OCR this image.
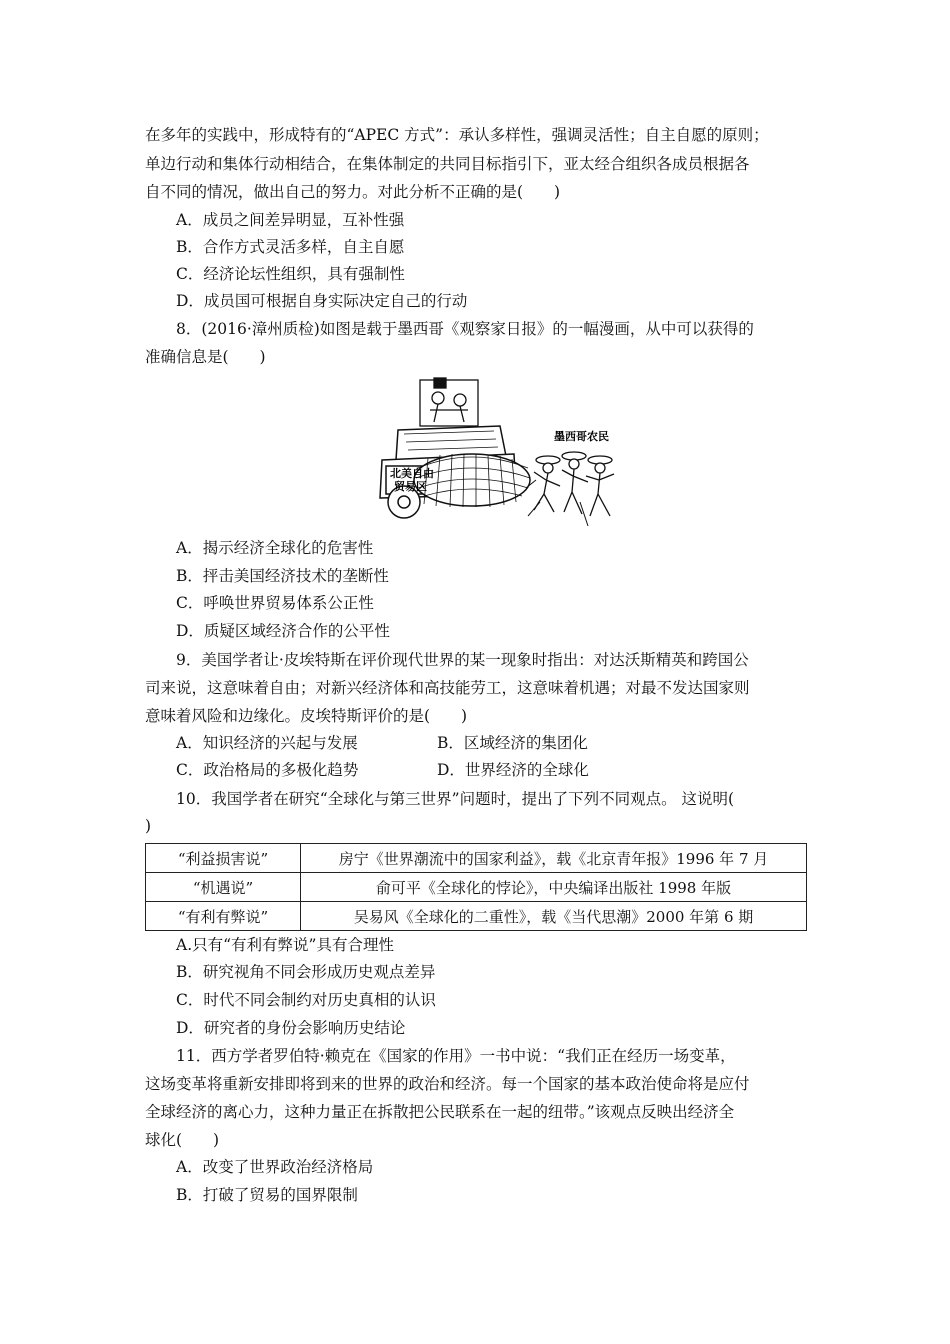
在多年的实践中，形成特有的“APEC 方式”：承认多样性，强调灵活性；自主自愿的原则；
单边行动和集体行动相结合，在集体制定的共同目标指引下，亚太经合组织各成员根据各
自不同的情况，做出自己的努力。对此分析不正确的是(　　)
A．成员之间差异明显，互补性强
B．合作方式灵活多样，自主自愿
C．经济论坛性组织，具有强制性
D．成员国可根据自身实际决定自己的行动
8．(2016·漳州质检)如图是载于墨西哥《观察家日报》的一幅漫画，从中可以获得的
准确信息是(　　)
北美自由
贸易区
墨西哥农民
A．揭示经济全球化的危害性
B．抨击美国经济技术的垄断性
C．呼唤世界贸易体系公正性
D．质疑区域经济合作的公平性
9．美国学者让·皮埃特斯在评价现代世界的某一现象时指出：对达沃斯精英和跨国公
司来说，这意味着自由；对新兴经济体和高技能劳工，这意味着机遇；对最不发达国家则
意味着风险和边缘化。皮埃特斯评价的是(　　)
A．知识经济的兴起与发展	B．区域经济的集团化
C．政治格局的多极化趋势	D．世界经济的全球化
10．我国学者在研究“全球化与第三世界”问题时，提出了下列不同观点。 这说明(
)
“利益损害说”	房宁《世界潮流中的国家利益》，载《北京青年报》1996 年 7 月
“机遇说”	俞可平《全球化的悖论》，中央编译出版社 1998 年版
“有利有弊说”	吴易风《全球化的二重性》，载《当代思潮》2000 年第 6 期
A.只有“有利有弊说”具有合理性
B．研究视角不同会形成历史观点差异
C．时代不同会制约对历史真相的认识
D．研究者的身份会影响历史结论
11．西方学者罗伯特·赖克在《国家的作用》一书中说：“我们正在经历一场变革，
这场变革将重新安排即将到来的世界的政治和经济。每一个国家的基本政治使命将是应付
全球经济的离心力，这种力量正在拆散把公民联系在一起的纽带。”该观点反映出经济全
球化(　　)
A．改变了世界政治经济格局
B．打破了贸易的国界限制
